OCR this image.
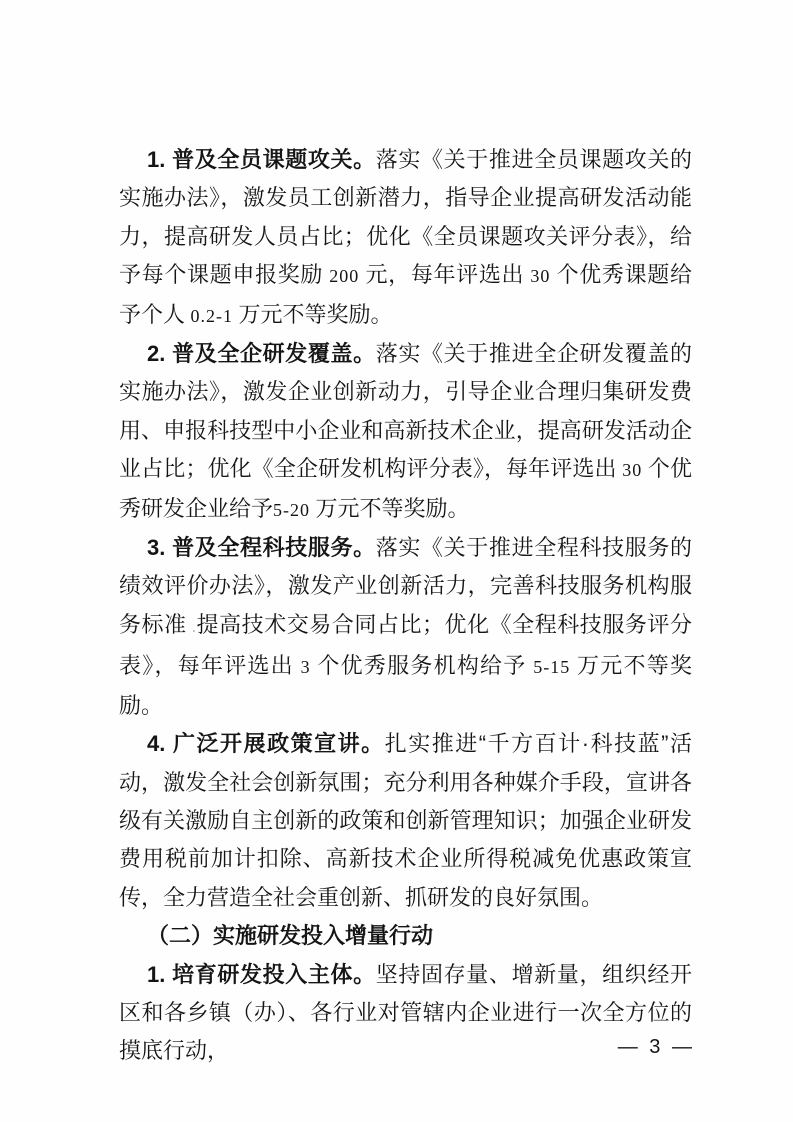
1. 普及全员课题攻关。落实《关于推进全员课题攻关的实施办法》，激发员工创新潜力，指导企业提高研发活动能力，提高研发人员占比；优化《全员课题攻关评分表》，给予每个课题申报奖励 200 元，每年评选出 30 个优秀课题给予个人 0.2-1 万元不等奖励。

2. 普及全企研发覆盖。落实《关于推进全企研发覆盖的实施办法》，激发企业创新动力，引导企业合理归集研发费用、申报科技型中小企业和高新技术企业，提高研发活动企业占比；优化《全企研发机构评分表》，每年评选出 30 个优秀研发企业给予5-20 万元不等奖励。

3. 普及全程科技服务。落实《关于推进全程科技服务的绩效评价办法》，激发产业创新活力，完善科技服务机构服务标准 .提高技术交易合同占比；优化《全程科技服务评分表》，每年评选出 3 个优秀服务机构给予 5-15 万元不等奖励。

4. 广泛开展政策宣讲。扎实推进“千方百计·科技蓝”活动，激发全社会创新氛围；充分利用各种媒介手段，宣讲各级有关激励自主创新的政策和创新管理知识；加强企业研发费用税前加计扣除、高新技术企业所得税减免优惠政策宣传，全力营造全社会重创新、抓研发的良好氛围。

（二）实施研发投入增量行动

1. 培育研发投入主体。坚持固存量、增新量，组织经开区和各乡镇（办）、各行业对管辖内企业进行一次全方位的摸底行动，	— 3 —
